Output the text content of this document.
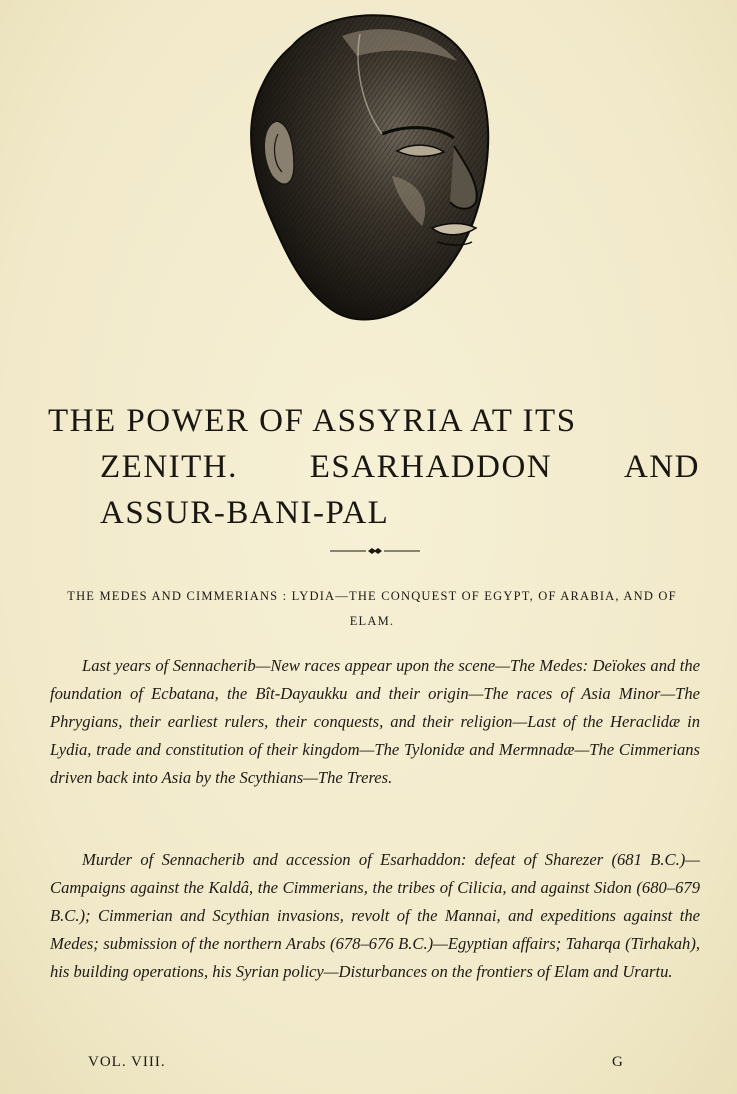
THE POWER OF ASSYRIA AT ITS
ZENITH. ESARHADDON AND
ASSUR-BANI-PAL
THE MEDES AND CIMMERIANS : LYDIA—THE CONQUEST OF EGYPT, OF ARABIA, AND OF ELAM.

Last years of Sennacherib—New races appear upon the scene—The Medes: Deïokes and the foundation of Ecbatana, the Bît-Dayaukku and their origin—The races of Asia Minor—The Phrygians, their earliest rulers, their conquests, and their religion—Last of the Heraclidæ in Lydia, trade and constitution of their kingdom—The Tylonidæ and Mermnadæ—The Cimmerians driven back into Asia by the Scythians—The Treres.

Murder of Sennacherib and accession of Esarhaddon: defeat of Sharezer (681 B.C.)—Campaigns against the Kaldâ, the Cimmerians, the tribes of Cilicia, and against Sidon (680–679 B.C.); Cimmerian and Scythian invasions, revolt of the Mannai, and expeditions against the Medes; submission of the northern Arabs (678–676 B.C.)—Egyptian affairs; Taharqa (Tirhakah), his building operations, his Syrian policy—Disturbances on the frontiers of Elam and Urartu.

VOL. VIII.	G
